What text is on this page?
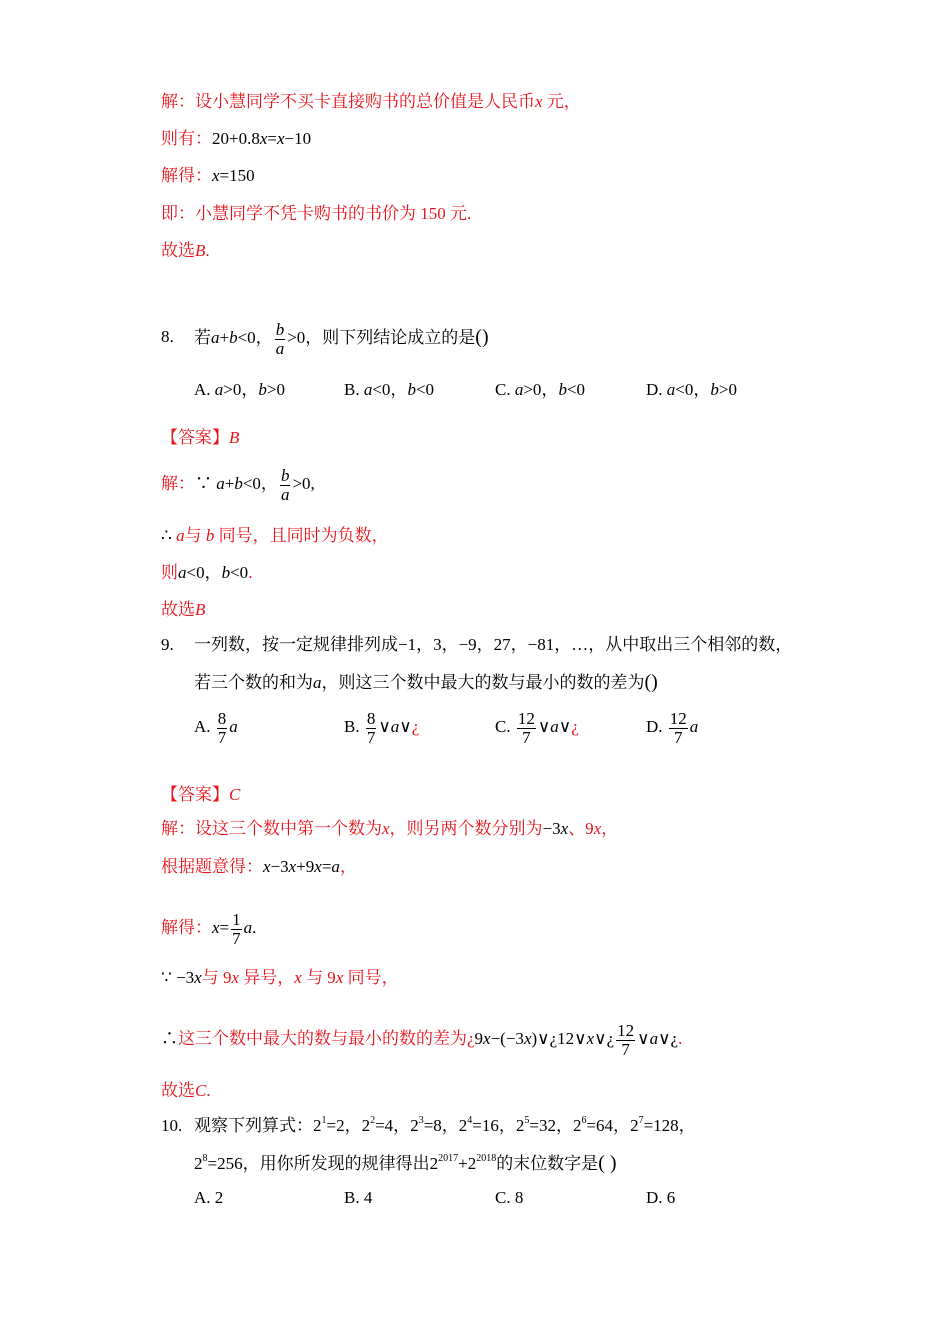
解：设小慧同学不买卡直接购书的总价值是人民币x 元，
则有：20+0.8x=x−10
解得：x=150
即：小慧同学不凭卡购书的书价为 150 元.
故选B.
8. 若a+b<0， $\frac{b}{a} >0$，则下列结论成立的是()
A. a>0，b>0	B. a<0，b<0	C. a>0，b<0	D. a<0，b>0
【答案】B
解：∵ a+b<0， $\frac{b}{a} >0$,
∴ a与 b 同号，且同时为负数，
则a<0，b<0.
故选B
9. 一列数，按一定规律排列成−1，3，−9，27，−81，…，从中取出三个相邻的数，
若三个数的和为a，则这三个数中最大的数与最小的数的差为()
A. $\frac{8}{7}$ a	B. $\frac{8}{7}$ ∨a∨¿	C. $\frac{12}{7}$ ∨a∨¿	D. $\frac{12}{7}$ a
【答案】C
解：设这三个数中第一个数为x，则另两个数分别为−3x、9x，
根据题意得：x−3x+9x=a，
解得：$x= \frac{1}{7} a$.
∵ −3x与 9x 异号，x 与 9x 同号，
∴这三个数中最大的数与最小的数的差为¿9x−(−3x)∨¿12∨x∨¿ $\frac{12}{7}$ ∨a∨¿.
故选C.
10. 观察下列算式：$2^1=2$，$2^2=4$，$2^3=8$，$2^4=16$，$2^5=32$，$2^6=64$，$2^7=128$，
$2^8=256$，用你所发现的规律得出$2^{2017}+2^{2018}$的末位数字是( )
A. 2	B. 4	C. 8	D. 6
